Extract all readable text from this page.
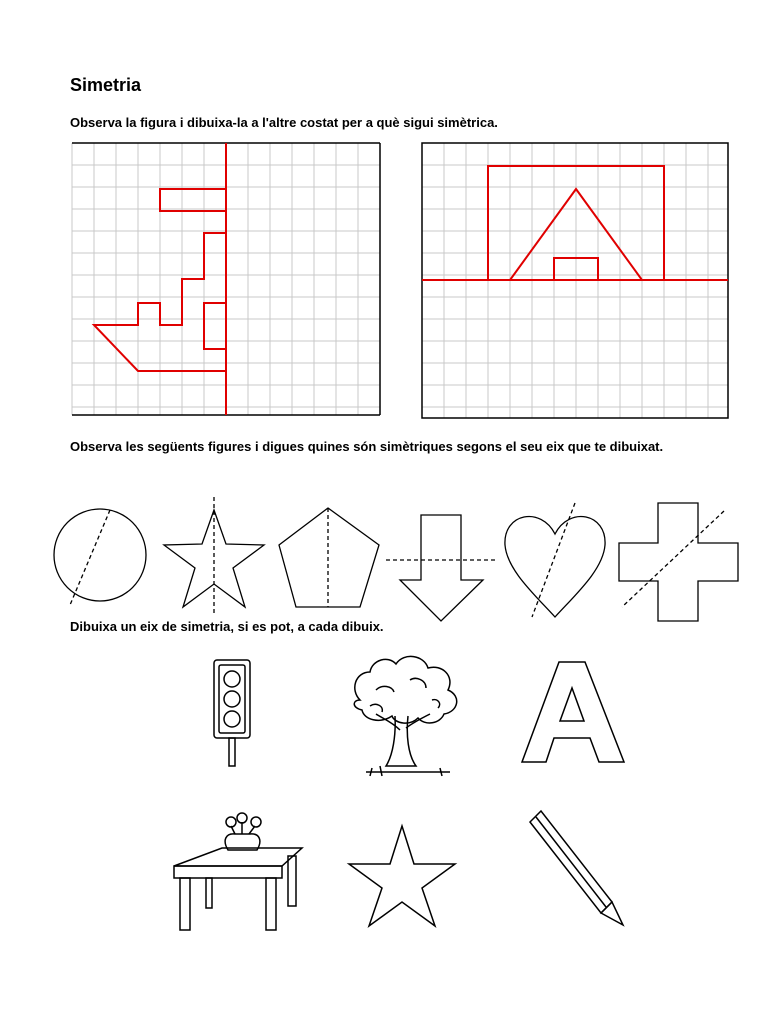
Simetria
Observa la figura i dibuixa-la a l'altre costat per a què sigui simètrica.
Observa les següents figures i digues quines són simètriques segons el seu eix que te dibuixat.
Dibuixa un eix de simetria, si es pot, a cada dibuix.
